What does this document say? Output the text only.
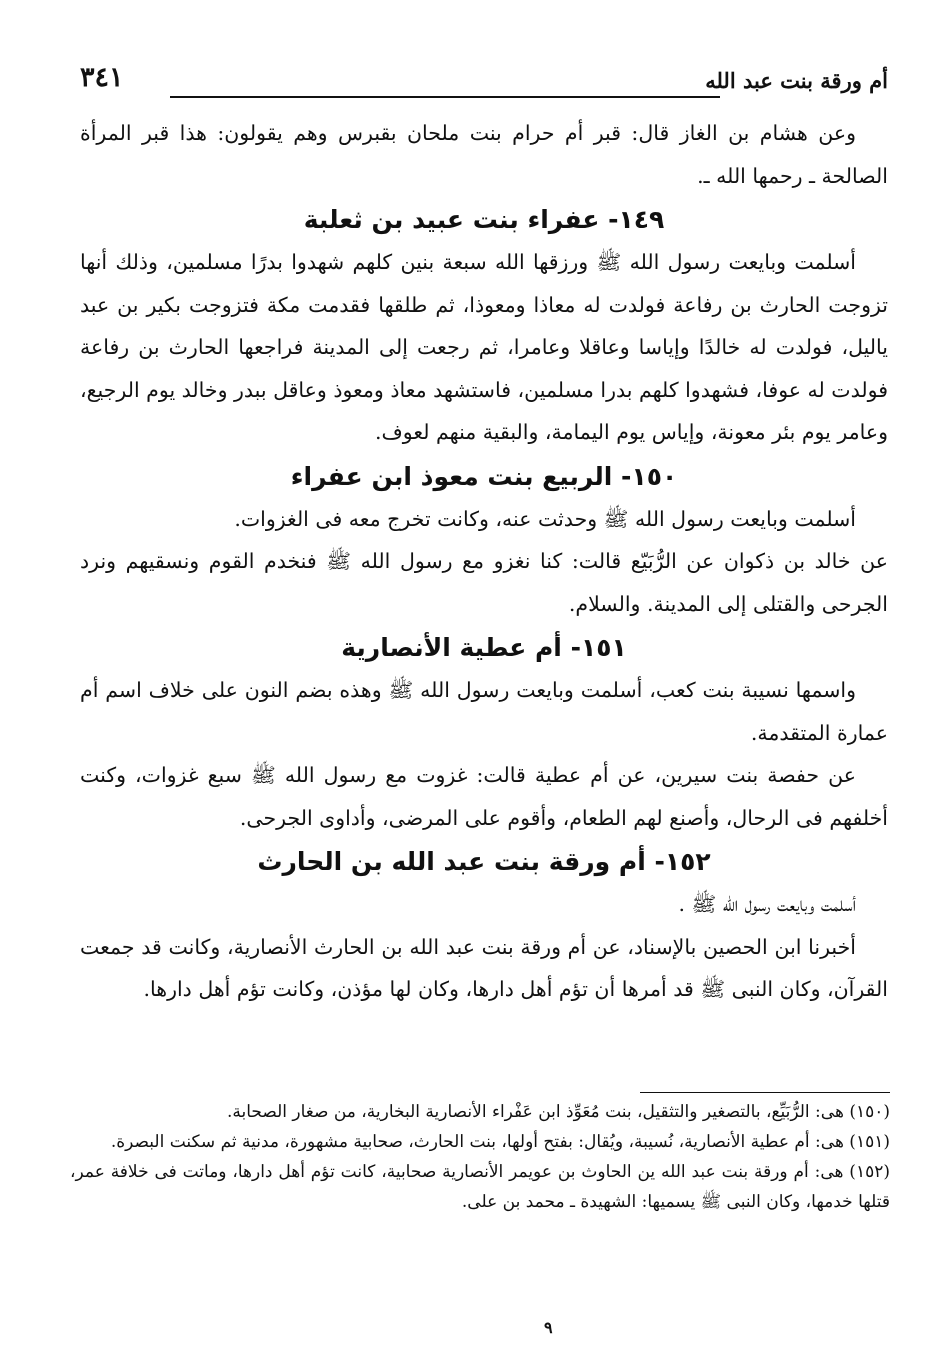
أم ورقة بنت عبد الله
٣٤١

وعن هشام بن الغاز قال: قبر أم حرام بنت ملحان بقبرس وهم يقولون: هذا قبر المرأة الصالحة ـ رحمها الله ـ.

١٤٩- عفراء بنت عبيد بن ثعلبة

أسلمت وبايعت رسول الله ﷺ ورزقها الله سبعة بنين كلهم شهدوا بدرًا مسلمين، وذلك أنها تزوجت الحارث بن رفاعة فولدت له معاذا ومعوذا، ثم طلقها فقدمت مكة فتزوجت بكير بن عبد ياليل، فولدت له خالدًا وإياسا وعاقلا وعامرا، ثم رجعت إلى المدينة فراجعها الحارث بن رفاعة فولدت له عوفا، فشهدوا كلهم بدرا مسلمين، فاستشهد معاذ ومعوذ وعاقل ببدر وخالد يوم الرجيع، وعامر يوم بئر معونة، وإياس يوم اليمامة، والبقية منهم لعوف.

١٥٠- الربيع بنت معوذ ابن عفراء

أسلمت وبايعت رسول الله ﷺ وحدثت عنه، وكانت تخرج معه فى الغزوات.

عن خالد بن ذكوان عن الرُّبَيّع قالت: كنا نغزو مع رسول الله ﷺ فنخدم القوم ونسقيهم ونرد الجرحى والقتلى إلى المدينة. والسلام.

١٥١- أم عطية الأنصارية

واسمها نسيبة بنت كعب، أسلمت وبايعت رسول الله ﷺ وهذه بضم النون على خلاف اسم أم عمارة المتقدمة.

عن حفصة بنت سيرين، عن أم عطية قالت: غزوت مع رسول الله ﷺ سبع غزوات، وكنت أخلفهم فى الرحال، وأصنع لهم الطعام، وأقوم على المرضى، وأداوى الجرحى.

١٥٢- أم ورقة بنت عبد الله بن الحارث

أسلمت وبايعت رسول الله ﷺ .

أخبرنا ابن الحصين بالإسناد، عن أم ورقة بنت عبد الله بن الحارث الأنصارية، وكانت قد جمعت القرآن، وكان النبى ﷺ قد أمرها أن تؤم أهل دارها، وكان لها مؤذن، وكانت تؤم أهل دارها.

(١٥٠) هى: الرُّبَيِّع، بالتصغير والتثقيل، بنت مُعَوِّذ ابن عَفْراء الأنصارية البخارية، من صغار الصحابة.

(١٥١) هى: أم عطية الأنصارية، نُسيبة، ويُقال: بفتح أولها، بنت الحارث، صحابية مشهورة، مدنية ثم سكنت البصرة.

(١٥٢) هى: أم ورقة بنت عبد الله ين الحاوث بن عويمر الأنصارية صحابية، كانت تؤم أهل دارها، وماتت فى خلافة عمر، قتلها خدمها، وكان النبى ﷺ يسميها: الشهيدة ـ محمد بن على.

٩
